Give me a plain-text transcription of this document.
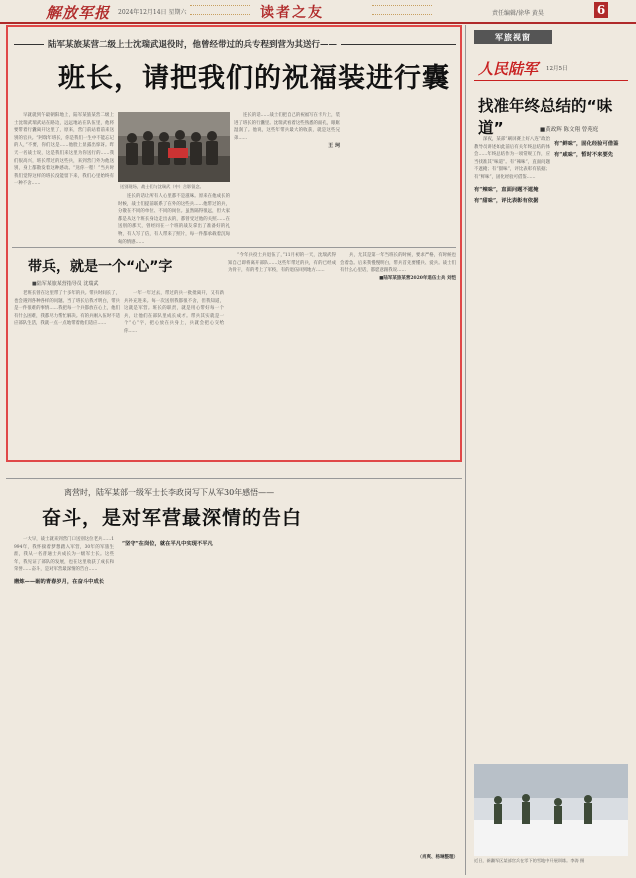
解放军报 2024年12月14日 星期六	读者之友	责任编辑/徐华 黄昊	6
陆军某旅某营二级上士沈瑞武退役时，他曾经带过的兵专程到营为其送行——
班长，请把我们的祝福装进行囊
早就就到午最朝阳地上，陆军某旅某营二级上士沈瑞武瑞武站在路边，远远地站在队伍里，他将要带着行囊离开这里了，原来，营门前站着前来送别的官兵。“阿瑞年班长，你是我们一生中不能忘记的人，”不要，你们这是……他脸上显露出惊讶。昨天一名战士说，这是我们来这里为你送行的……我们很高兴，班长带过的这些兵，来到营门外为他送别，身上都散发着这种感动。“送你一程！”当兵时我们觉得这样的班长没能留下来，我们心里始终有一种不舍……
送别现场，战士们与沈瑞武（中）合影留念。
连长的话让所有人心里都不是滋味。原来在他成长的时候，战士们提前联系了在外的这些兵……他带过的兵，分散在不同的单位、不同的岗位。虽然隔得很远，但大家都是从这个班长身边走出去的，都曾受过他的关照……在送别的那天，曾经同在一个班的战友拿出了准备好的礼物，有人写了信，有人带来了照片，每一件都承载着沉甸甸的情感……
连长的话……战士们把自己的祝福写在卡片上，装进了班长的行囊里。沈瑞武看着这些熟悉的面孔，眼眶湿润了。他说，这些年带兵最大的收获，就是这些兄弟……
王 珂
带兵，就是一个“心”字
■陆军某旅某营指导员 沈瑞武
老班长曾在这里带了十多年的兵。带兵时间长了，也会遇到各种各样的问题。当了班长后我才明白，带兵是一件很难的事情……我把每一个兵都放在心上，他们有什么困难，我都尽力帮忙解决。有的兵刚入伍时不适应部队生活，我就一点一点地带着他们适应……
一年一年过去，带过的兵一批批离开，又有新兵补充进来。每一次送别我都很不舍，但我知道，这就是军营。班长的职责，就是用心带好每一个兵，让他们在部队里成长成才。带兵其实就是一个“心”字，把心放在兵身上，兵就会把心交给你……
“今年兵役士兵退伍了，”11月初的一天，沈瑞武得知自己即将离开部队……这些年带过的兵，有的已经成为骨干，有的考上了军校，有的退伍回到地方……
兵，尤其是第一年当班长的时候，要求严格，有时候也会着急。后来我慢慢明白，带兵首先要懂兵、爱兵。战士们有什么心里话，都愿意跟我说……
■陆军某旅某营2020年退伍士兵 刘恺
军旅视窗
人民陆军 12月5日
找准年终总结的“味道”	■黄政辉 陈文翔 曾苑庭
深夜，某部“刷屏赛上好八连”政治教导员讲述如此前后有关年终总结的体会……年终总结作为一项常规工作，应当找准其“味道”。有“辣味”，直面问题不遮掩；有“甜味”，评比表彰有依据；有“鲜味”，固化经验可借鉴……
有“辣味”，直面问题不遮掩
有“甜味”，评比表彰有依据
有“鲜味”，固化经验可借鉴
有“咸味”，暂时不来要先
近日，新疆军区某部官兵在零下的雪地中开展训练。李涛 摄
离营时，陆军某部一级军士长李政岗写下从军30年感悟——
奋斗，是对军营最深情的告白
一大早，战士就来到营门口送别这位老兵……1994年，我怀揣着梦想踏入军营，30年的军旅生涯，我从一名普通士兵成长为一级军士长。这些年，我见证了部队的发展，也在这里收获了成长和荣誉……奋斗，是对军营最深情的告白……
磨炼——砺的青春岁月，在奋斗中成长
“坚守”在岗位，就在平凡中实现不平凡
（肖爽、杨琳整理）
